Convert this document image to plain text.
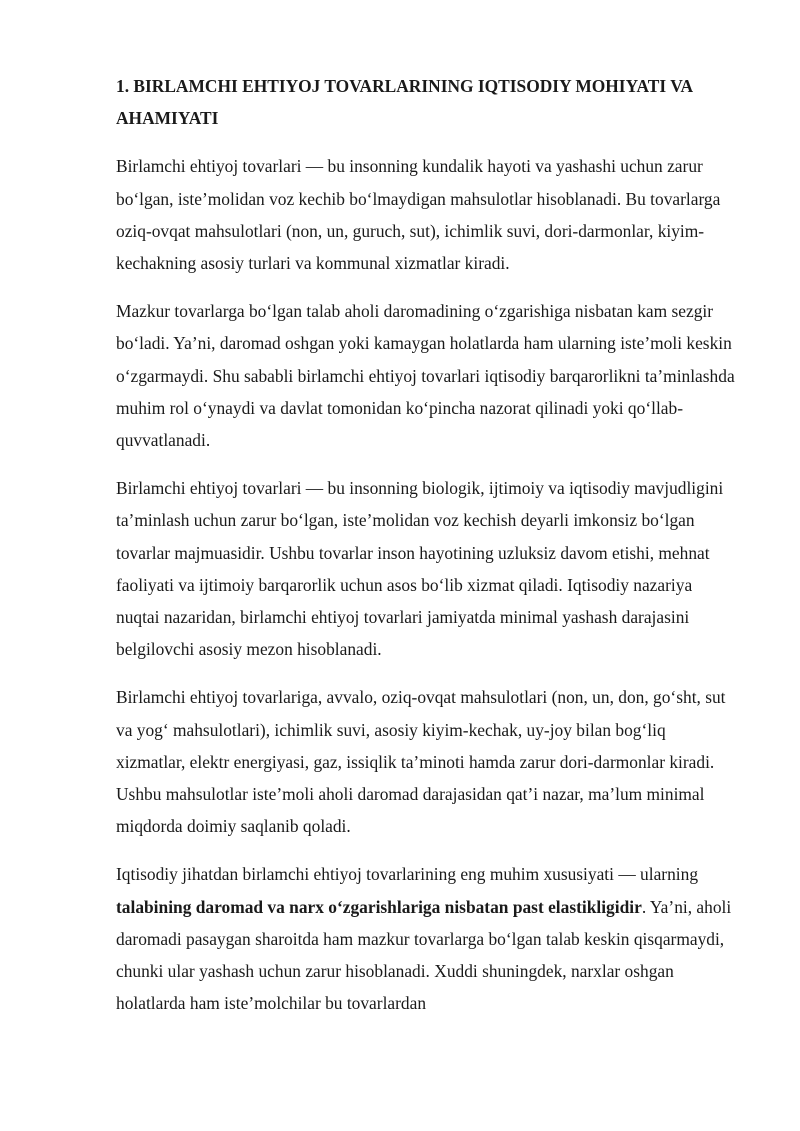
1. BIRLAMCHI EHTIYOJ TOVARLARINING IQTISODIY MOHIYATI VA AHAMIYATI

Birlamchi ehtiyoj tovarlari — bu insonning kundalik hayoti va yashashi uchun zarur bo‘lgan, iste’molidan voz kechib bo‘lmaydigan mahsulotlar hisoblanadi. Bu tovarlarga oziq-ovqat mahsulotlari (non, un, guruch, sut), ichimlik suvi, dori-darmonlar, kiyim-kechakning asosiy turlari va kommunal xizmatlar kiradi.

Mazkur tovarlarga bo‘lgan talab aholi daromadining o‘zgarishiga nisbatan kam sezgir bo‘ladi. Ya’ni, daromad oshgan yoki kamaygan holatlarda ham ularning iste’moli keskin o‘zgarmaydi. Shu sababli birlamchi ehtiyoj tovarlari iqtisodiy barqarorlikni ta’minlashda muhim rol o‘ynaydi va davlat tomonidan ko‘pincha nazorat qilinadi yoki qo‘llab-quvvatlanadi.

Birlamchi ehtiyoj tovarlari — bu insonning biologik, ijtimoiy va iqtisodiy mavjudligini ta’minlash uchun zarur bo‘lgan, iste’molidan voz kechish deyarli imkonsiz bo‘lgan tovarlar majmuasidir. Ushbu tovarlar inson hayotining uzluksiz davom etishi, mehnat faoliyati va ijtimoiy barqarorlik uchun asos bo‘lib xizmat qiladi. Iqtisodiy nazariya nuqtai nazaridan, birlamchi ehtiyoj tovarlari jamiyatda minimal yashash darajasini belgilovchi asosiy mezon hisoblanadi.

Birlamchi ehtiyoj tovarlariga, avvalo, oziq-ovqat mahsulotlari (non, un, don, go‘sht, sut va yog‘ mahsulotlari), ichimlik suvi, asosiy kiyim-kechak, uy-joy bilan bog‘liq xizmatlar, elektr energiyasi, gaz, issiqlik ta’minoti hamda zarur dori-darmonlar kiradi. Ushbu mahsulotlar iste’moli aholi daromad darajasidan qat’i nazar, ma’lum minimal miqdorda doimiy saqlanib qoladi.

Iqtisodiy jihatdan birlamchi ehtiyoj tovarlarining eng muhim xususiyati — ularning talabining daromad va narx o‘zgarishlariga nisbatan past elastikligidir. Ya’ni, aholi daromadi pasaygan sharoitda ham mazkur tovarlarga bo‘lgan talab keskin qisqarmaydi, chunki ular yashash uchun zarur hisoblanadi. Xuddi shuningdek, narxlar oshgan holatlarda ham iste’molchilar bu tovarlardan
